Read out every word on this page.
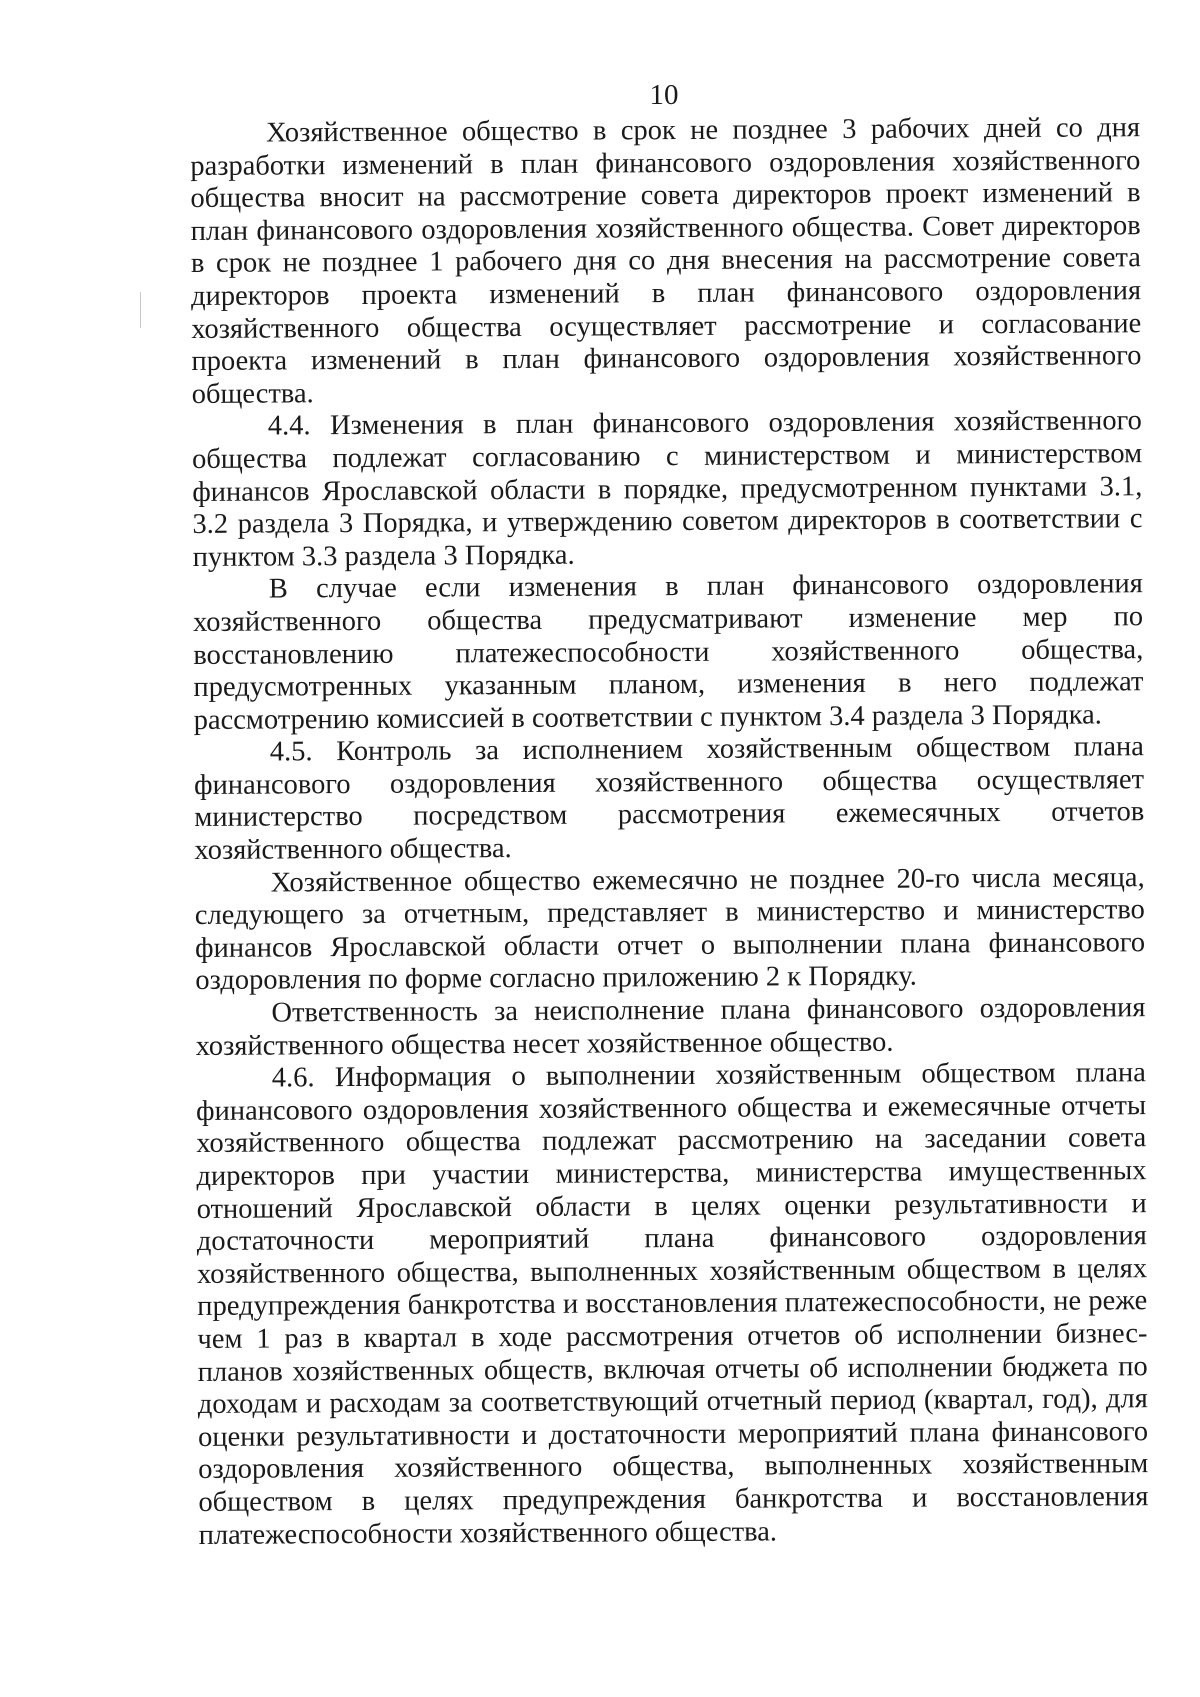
10

Хозяйственное общество в срок не позднее 3 рабочих дней со дня разработки изменений в план финансового оздоровления хозяйственного общества вносит на рассмотрение совета директоров проект изменений в план финансового оздоровления хозяйственного общества. Совет директоров в срок не позднее 1 рабочего дня со дня внесения на рассмотрение совета директоров проекта изменений в план финансового оздоровления хозяйственного общества осуществляет рассмотрение и согласование проекта изменений в план финансового оздоровления хозяйственного общества.

4.4. Изменения в план финансового оздоровления хозяйственного общества подлежат согласованию с министерством и министерством финансов Ярославской области в порядке, предусмотренном пунктами 3.1, 3.2 раздела 3 Порядка, и утверждению советом директоров в соответствии с пунктом 3.3 раздела 3 Порядка.

В случае если изменения в план финансового оздоровления хозяйственного общества предусматривают изменение мер по восстановлению платежеспособности хозяйственного общества, предусмотренных указанным планом, изменения в него подлежат рассмотрению комиссией в соответствии с пунктом 3.4 раздела 3 Порядка.

4.5. Контроль за исполнением хозяйственным обществом плана финансового оздоровления хозяйственного общества осуществляет министерство посредством рассмотрения ежемесячных отчетов хозяйственного общества.

Хозяйственное общество ежемесячно не позднее 20-го числа месяца, следующего за отчетным, представляет в министерство и министерство финансов Ярославской области отчет о выполнении плана финансового оздоровления по форме согласно приложению 2 к Порядку.

Ответственность за неисполнение плана финансового оздоровления хозяйственного общества несет хозяйственное общество.

4.6. Информация о выполнении хозяйственным обществом плана финансового оздоровления хозяйственного общества и ежемесячные отчеты хозяйственного общества подлежат рассмотрению на заседании совета директоров при участии министерства, министерства имущественных отношений Ярославской области в целях оценки результативности и достаточности мероприятий плана финансового оздоровления хозяйственного общества, выполненных хозяйственным обществом в целях предупреждения банкротства и восстановления платежеспособности, не реже чем 1 раз в квартал в ходе рассмотрения отчетов об исполнении бизнес-планов хозяйственных обществ, включая отчеты об исполнении бюджета по доходам и расходам за соответствующий отчетный период (квартал, год), для оценки результативности и достаточности мероприятий плана финансового оздоровления хозяйственного общества, выполненных хозяйственным обществом в целях предупреждения банкротства и восстановления платежеспособности хозяйственного общества.
